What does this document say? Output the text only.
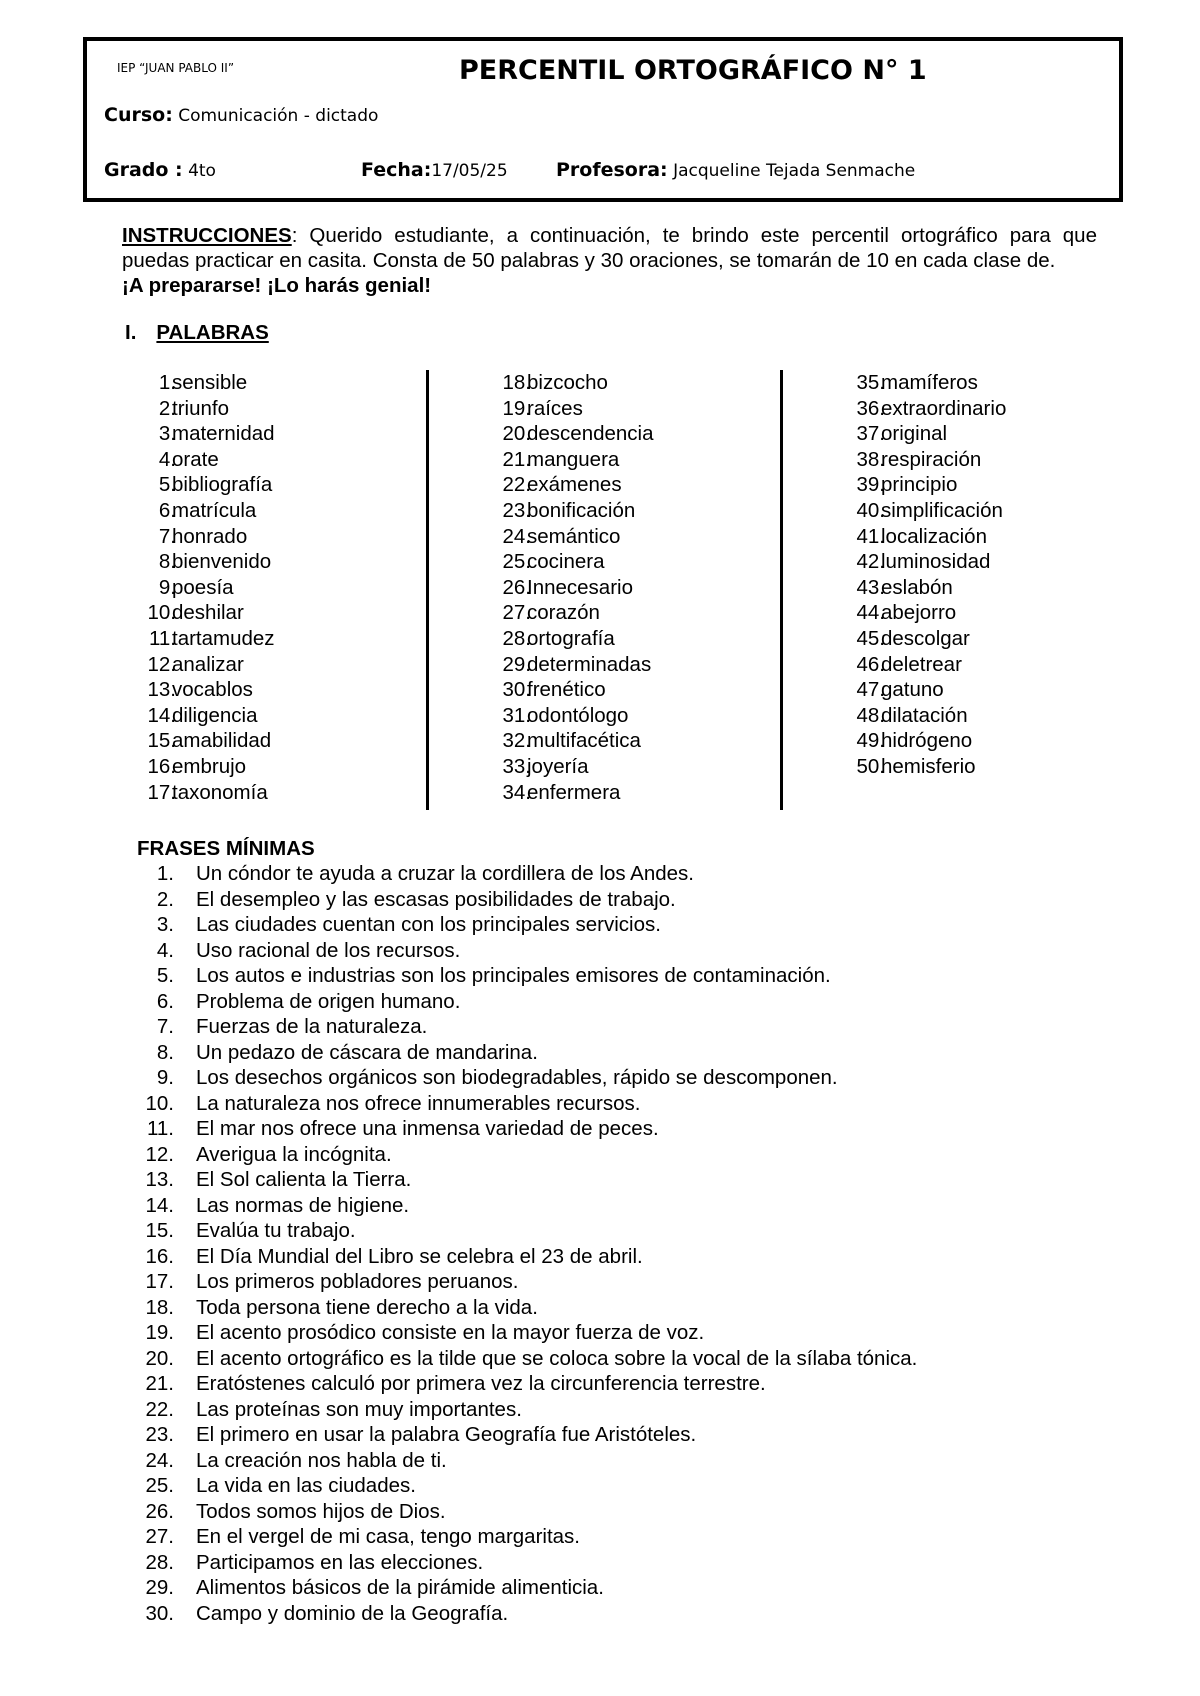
IEP “JUAN PABLO II”	PERCENTIL ORTOGRÁFICO N° 1
Curso: Comunicación - dictado
Grado : 4to	Fecha:17/05/25	Profesora: Jacqueline Tejada Senmache
INSTRUCCIONES: Querido estudiante, a continuación, te brindo este percentil ortográfico para que puedas practicar en casita. Consta de 50 palabras y 30 oraciones, se tomarán de 10 en cada clase de.
¡A prepararse! ¡Lo harás genial!
I. PALABRAS
1.
sensible
2.
triunfo
3.
maternidad
4.
orate
5.
bibliografía
6.
matrícula
7.
honrado
8.
bienvenido
9.
poesía
10.
deshilar
11.
tartamudez
12.
analizar
13.
vocablos
14.
diligencia
15.
amabilidad
16.
embrujo
17.
taxonomía
18.
bizcocho
19.
raíces
20.
descendencia
21.
manguera
22.
exámenes
23.
bonificación
24.
semántico
25.
cocinera
26.
Innecesario
27.
corazón
28.
ortografía
29.
determinadas
30.
frenético
31.
odontólogo
32.
multifacética
33.
joyería
34.
enfermera
35.
mamíferos
36.
extraordinario
37.
original
38.
respiración
39.
principio
40.
simplificación
41.
localización
42.
luminosidad
43.
eslabón
44.
abejorro
45.
descolgar
46.
deletrear
47.
gatuno
48.
dilatación
49.
hidrógeno
50.
hemisferio
FRASES MÍNIMAS
1. Un cóndor te ayuda a cruzar la cordillera de los Andes.
2. El desempleo y las escasas posibilidades de trabajo.
3. Las ciudades cuentan con los principales servicios.
4. Uso racional de los recursos.
5. Los autos e industrias son los principales emisores de contaminación.
6. Problema de origen humano.
7. Fuerzas de la naturaleza.
8. Un pedazo de cáscara de mandarina.
9. Los desechos orgánicos son biodegradables, rápido se descomponen.
10. La naturaleza nos ofrece innumerables recursos.
11. El mar nos ofrece una inmensa variedad de peces.
12. Averigua la incógnita.
13. El Sol calienta la Tierra.
14. Las normas de higiene.
15. Evalúa tu trabajo.
16. El Día Mundial del Libro se celebra el 23 de abril.
17. Los primeros pobladores peruanos.
18. Toda persona tiene derecho a la vida.
19. El acento prosódico consiste en la mayor fuerza de voz.
20. El acento ortográfico es la tilde que se coloca sobre la vocal de la sílaba tónica.
21. Eratóstenes calculó por primera vez la circunferencia terrestre.
22. Las proteínas son muy importantes.
23. El primero en usar la palabra Geografía fue Aristóteles.
24. La creación nos habla de ti.
25. La vida en las ciudades.
26. Todos somos hijos de Dios.
27. En el vergel de mi casa, tengo margaritas.
28. Participamos en las elecciones.
29. Alimentos básicos de la pirámide alimenticia.
30. Campo y dominio de la Geografía.
